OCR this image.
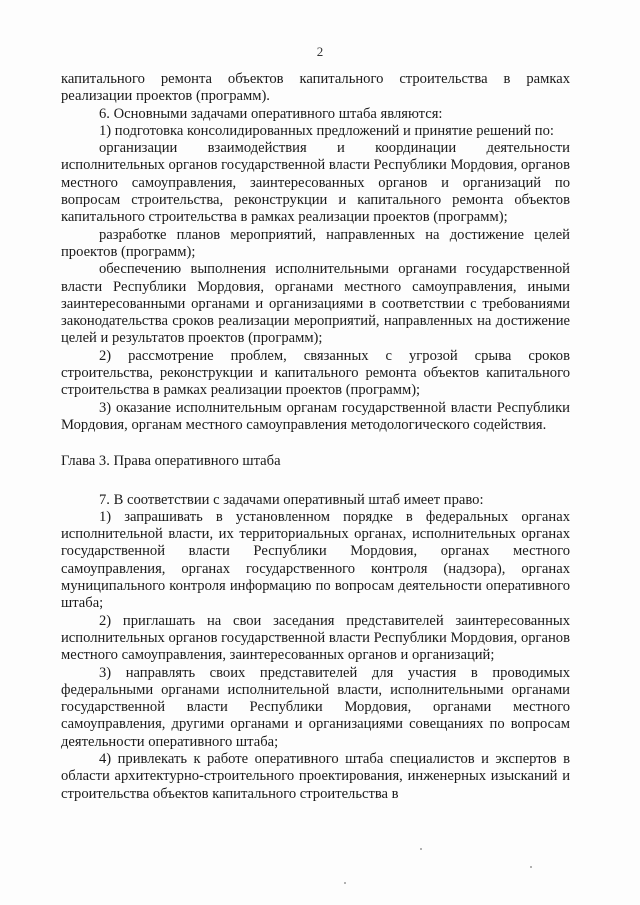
2

капитального ремонта объектов капитального строительства в рамках реализации проектов (программ).

6. Основными задачами оперативного штаба являются:

1) подготовка консолидированных предложений и принятие решений по:

организации взаимодействия и координации деятельности исполнительных органов государственной власти Республики Мордовия, органов местного самоуправления, заинтересованных органов и организаций по вопросам строительства, реконструкции и капитального ремонта объектов капитального строительства в рамках реализации проектов (программ);

разработке планов мероприятий, направленных на достижение целей проектов (программ);

обеспечению выполнения исполнительными органами государственной власти Республики Мордовия, органами местного самоуправления, иными заинтересованными органами и организациями в соответствии с требованиями законодательства сроков реализации мероприятий, направленных на достижение целей и результатов проектов (программ);

2) рассмотрение проблем, связанных с угрозой срыва сроков строительства, реконструкции и капитального ремонта объектов капитального строительства в рамках реализации проектов (программ);

3) оказание исполнительным органам государственной власти Республики Мордовия, органам местного самоуправления методологического содействия.

Глава 3. Права оперативного штаба

7. В соответствии с задачами оперативный штаб имеет право:

1) запрашивать в установленном порядке в федеральных органах исполнительной власти, их территориальных органах, исполнительных органах государственной власти Республики Мордовия, органах местного самоуправления, органах государственного контроля (надзора), органах муниципального контроля информацию по вопросам деятельности оперативного штаба;

2) приглашать на свои заседания представителей заинтересованных исполнительных органов государственной власти Республики Мордовия, органов местного самоуправления, заинтересованных органов и организаций;

3) направлять своих представителей для участия в проводимых федеральными органами исполнительной власти, исполнительными органами государственной власти Республики Мордовия, органами местного самоуправления, другими органами и организациями совещаниях по вопросам деятельности оперативного штаба;

4) привлекать к работе оперативного штаба специалистов и экспертов в области архитектурно-строительного проектирования, инженерных изысканий и строительства объектов капитального строительства в
